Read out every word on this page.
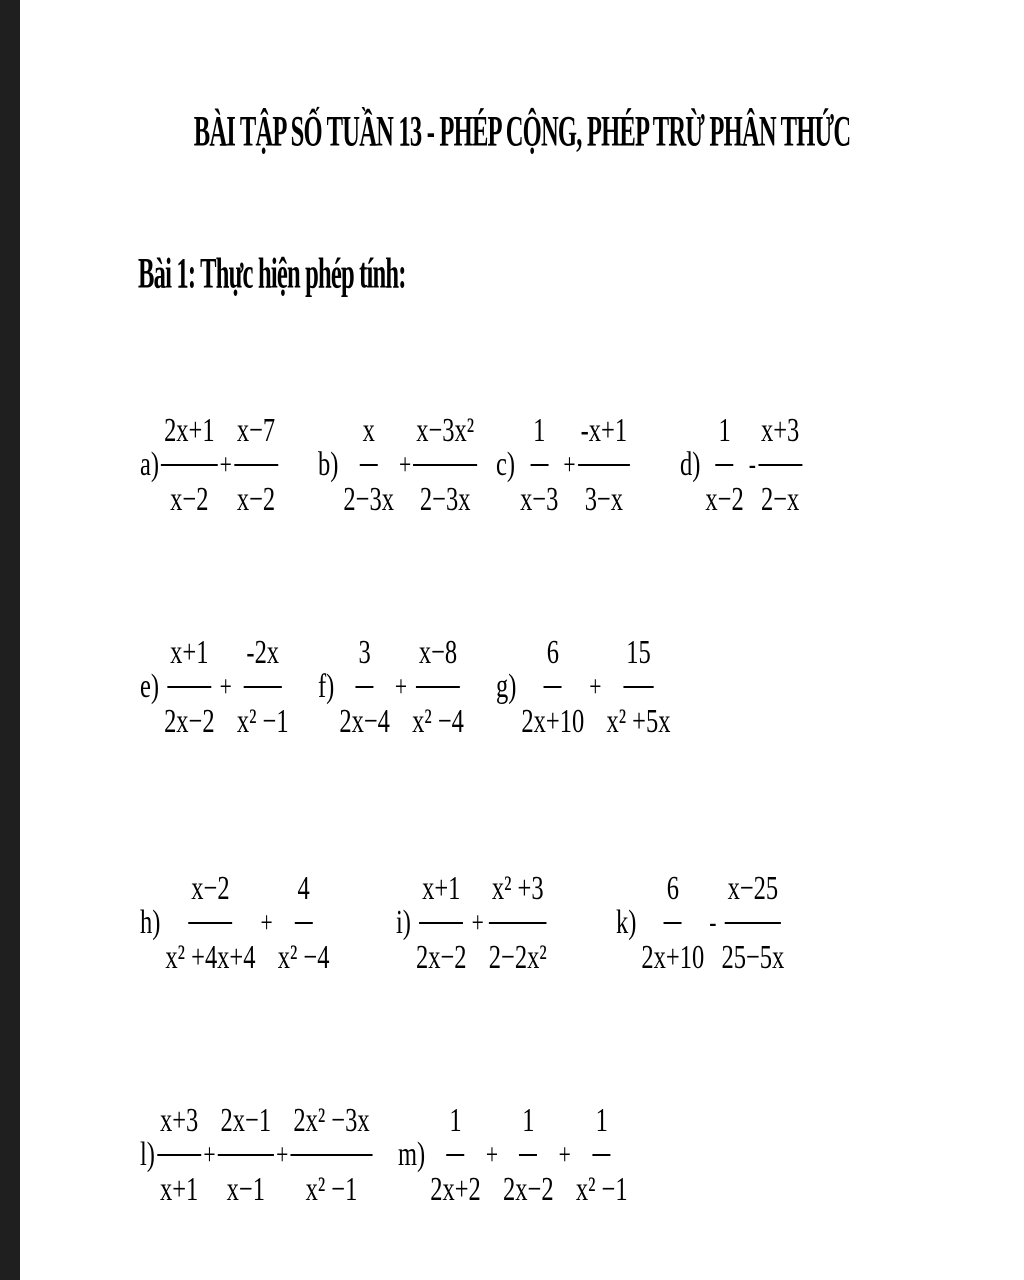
BÀI TẬP SỐ TUẦN 13 - PHÉP CỘNG, PHÉP TRỪ PHÂN THỨC
Bài 1: Thực hiện phép tính:
$a) \frac{2x+1}{x-2} + \frac{x-7}{x-2} b) \frac{x}{2-3x} + \frac{\text{x−3x²}}{2-3x} c) \frac{1}{x-3} + \frac{-x+1}{3-x} d) \frac{1}{x-2} - \frac{x+3}{2-x}$
$e) \frac{x+1}{2x-2} + \frac{-2x}{\text{x² −1}} f) \frac{3}{2x-4} + \frac{x-8}{\text{x² −4}} g) \frac{6}{2x+10} + \frac{15}{\text{x² +5x}}$
$h) \frac{x-2}{\text{x² +4x+4}} + \frac{4}{\text{x² −4}} i) \frac{x+1}{2x-2} + \frac{\text{x² +3}}{\text{2−2x²}} k) \frac{6}{2x+10} - \frac{x-25}{25-5x}$
$l) \frac{x+3}{x+1} + \frac{2x-1}{x-1} + \frac{\text{2x² −3x}}{\text{x² −1}} m) \frac{1}{2x+2} + \frac{1}{2x-2} + \frac{1}{\text{x² −1}}$
